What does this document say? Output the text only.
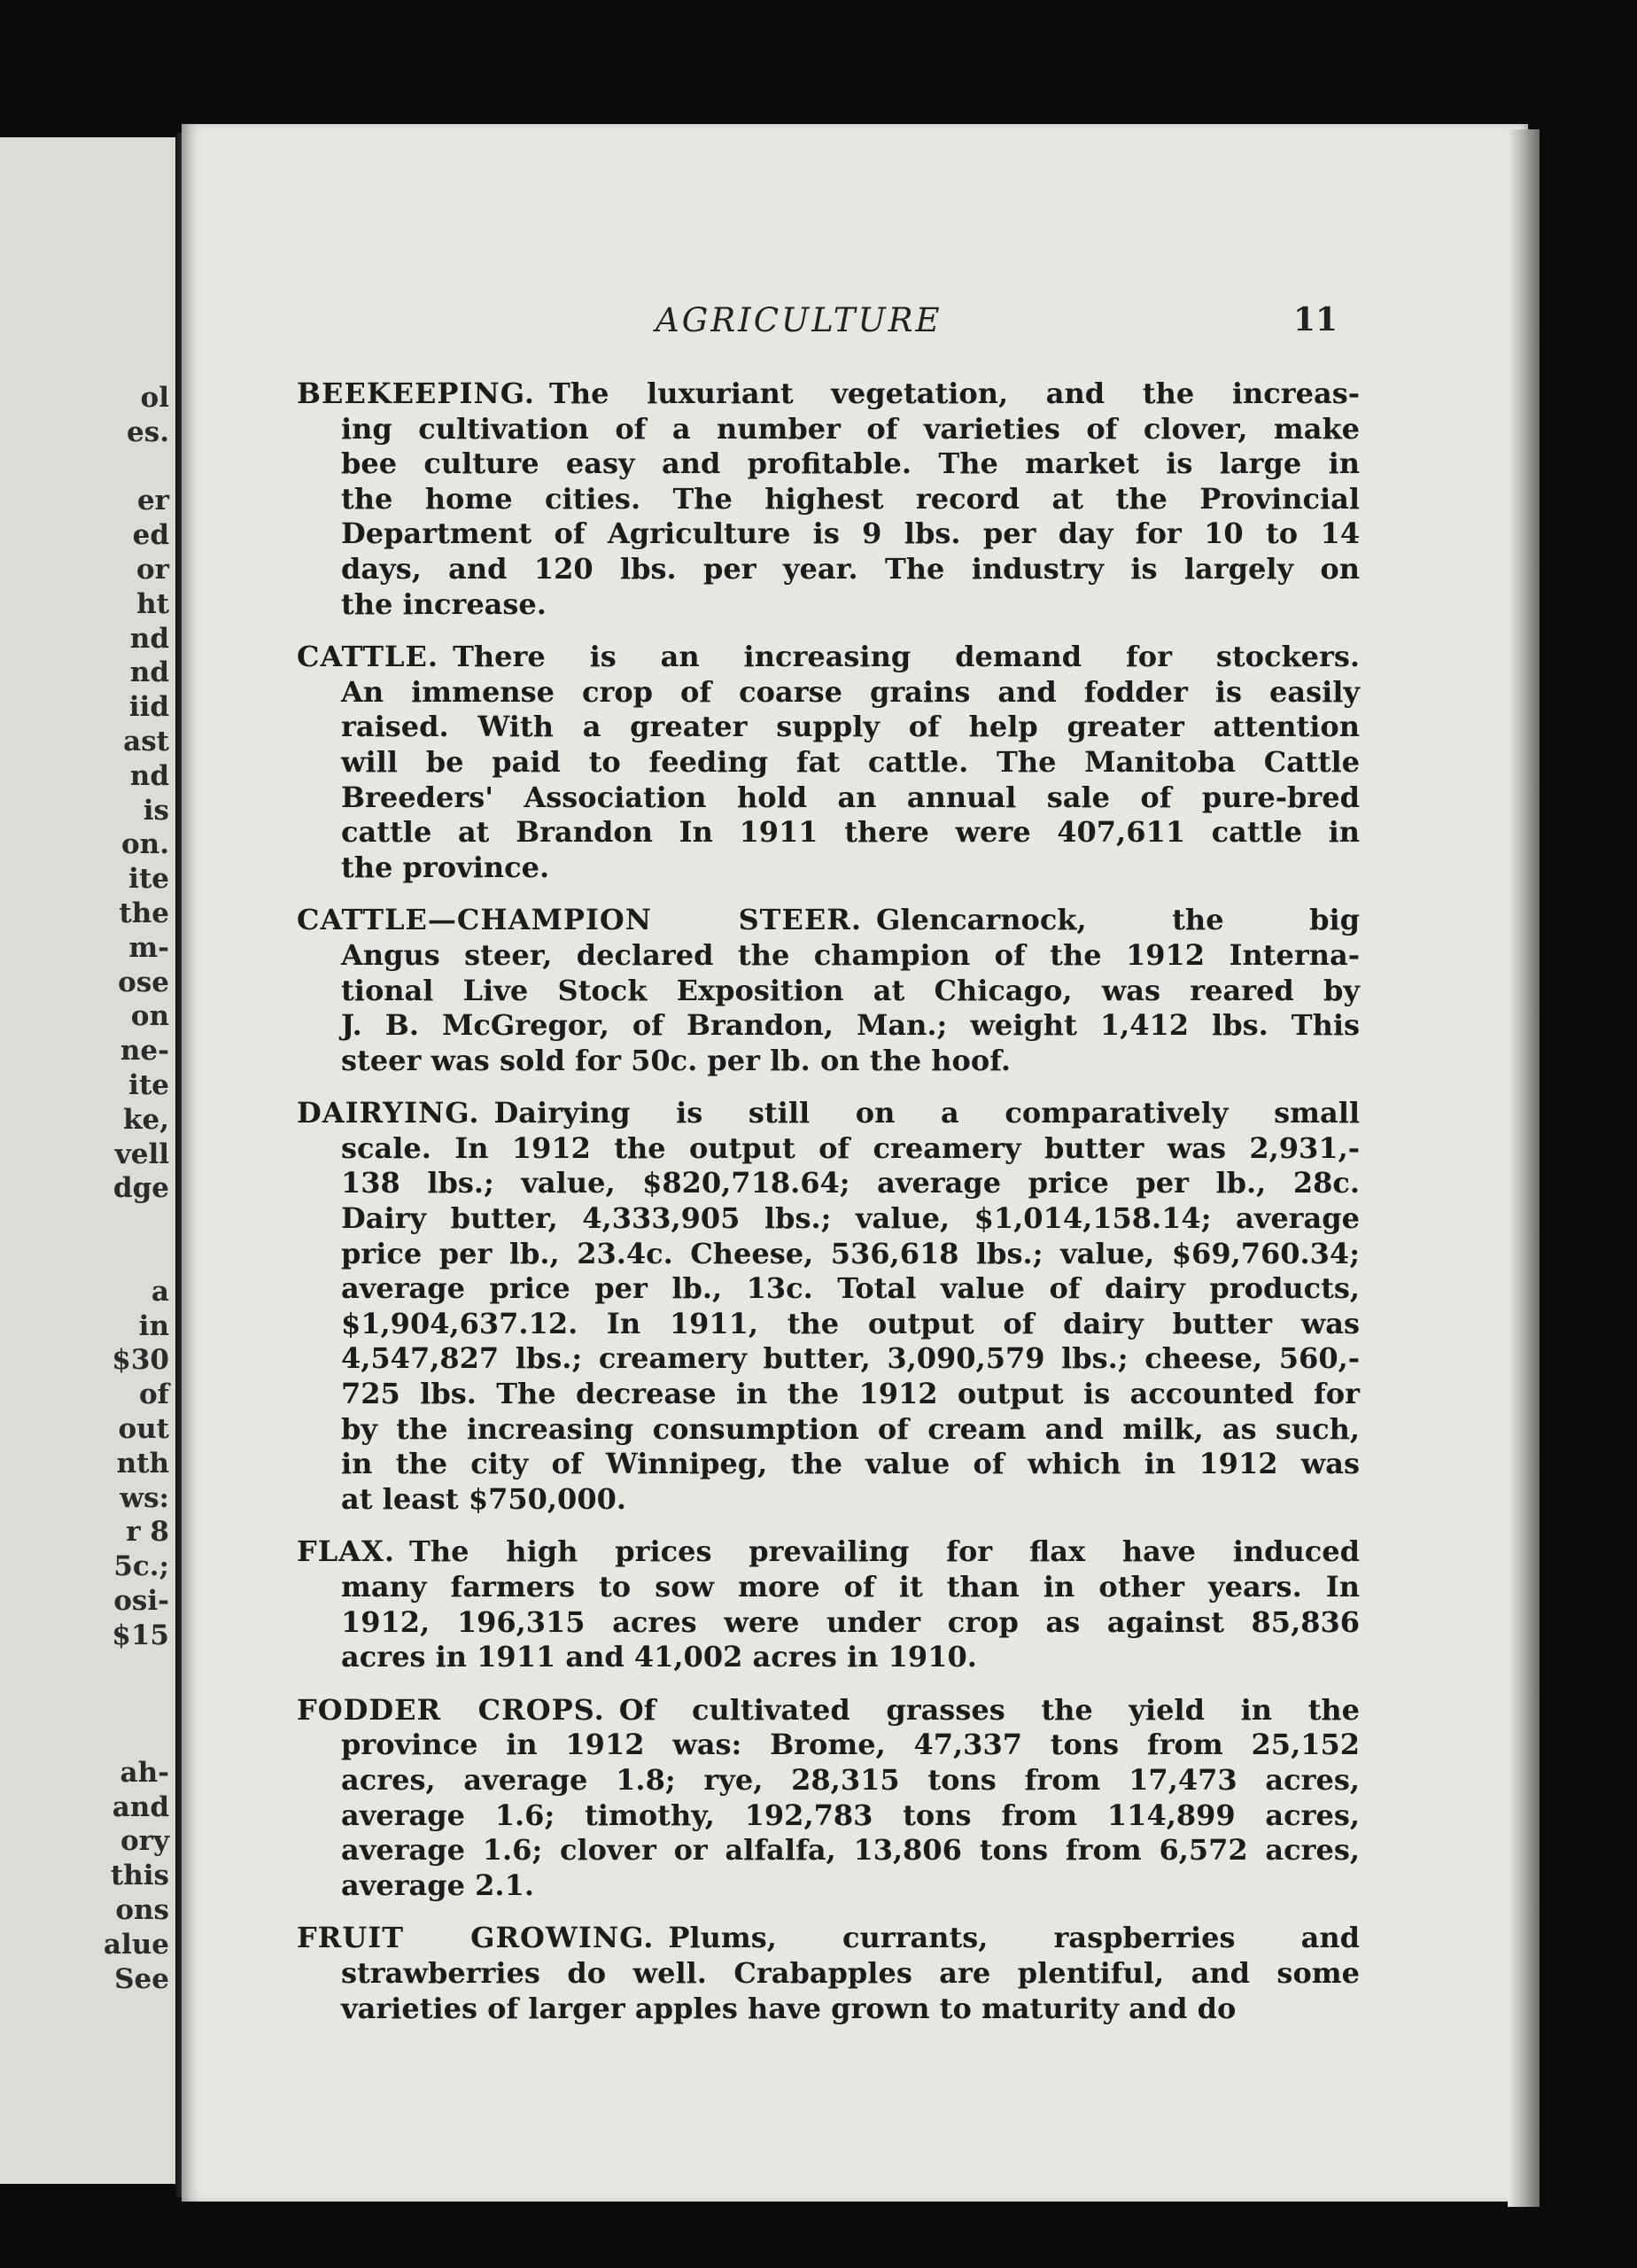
ol
es.

er
ed
or
ht
nd
nd
iid
ast
nd
is
on.
ite
the
m-
ose
on
ne-
ite
ke,
vell
dge

a
in
$30
of
out
nth
ws:
r 8
5c.;
osi-
$15

ah-
and
ory
this
ons
alue
See
AGRICULTURE	11
BEEKEEPING. The luxuriant vegetation, and the increas-
ing cultivation of a number of varieties of clover, make
bee culture easy and profitable. The market is large in
the home cities. The highest record at the Provincial
Department of Agriculture is 9 lbs. per day for 10 to 14
days, and 120 lbs. per year. The industry is largely on
the increase.
CATTLE. There is an increasing demand for stockers.
An immense crop of coarse grains and fodder is easily
raised. With a greater supply of help greater attention
will be paid to feeding fat cattle. The Manitoba Cattle
Breeders' Association hold an annual sale of pure-bred
cattle at Brandon In 1911 there were 407,611 cattle in
the province.
CATTLE—CHAMPION STEER. Glencarnock, the big
Angus steer, declared the champion of the 1912 Interna-
tional Live Stock Exposition at Chicago, was reared by
J. B. McGregor, of Brandon, Man.; weight 1,412 lbs. This
steer was sold for 50c. per lb. on the hoof.
DAIRYING. Dairying is still on a comparatively small
scale. In 1912 the output of creamery butter was 2,931,-
138 lbs.; value, $820,718.64; average price per lb., 28c.
Dairy butter, 4,333,905 lbs.; value, $1,014,158.14; average
price per lb., 23.4c. Cheese, 536,618 lbs.; value, $69,760.34;
average price per lb., 13c. Total value of dairy products,
$1,904,637.12. In 1911, the output of dairy butter was
4,547,827 lbs.; creamery butter, 3,090,579 lbs.; cheese, 560,-
725 lbs. The decrease in the 1912 output is accounted for
by the increasing consumption of cream and milk, as such,
in the city of Winnipeg, the value of which in 1912 was
at least $750,000.
FLAX. The high prices prevailing for flax have induced
many farmers to sow more of it than in other years. In
1912, 196,315 acres were under crop as against 85,836
acres in 1911 and 41,002 acres in 1910.
FODDER CROPS. Of cultivated grasses the yield in the
province in 1912 was: Brome, 47,337 tons from 25,152
acres, average 1.8; rye, 28,315 tons from 17,473 acres,
average 1.6; timothy, 192,783 tons from 114,899 acres,
average 1.6; clover or alfalfa, 13,806 tons from 6,572 acres,
average 2.1.
FRUIT GROWING. Plums, currants, raspberries and
strawberries do well. Crabapples are plentiful, and some
varieties of larger apples have grown to maturity and do
